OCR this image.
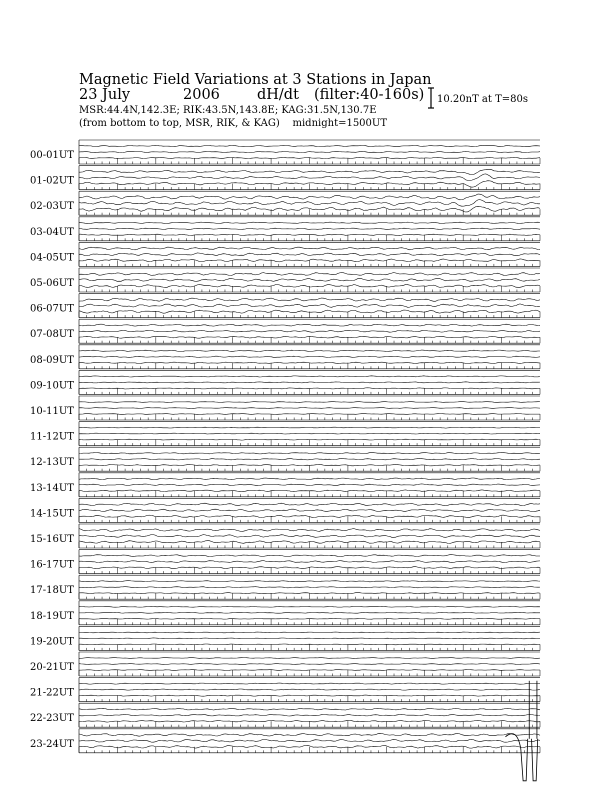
00-01UT
01-02UT
02-03UT
03-04UT
04-05UT
05-06UT
06-07UT
07-08UT
08-09UT
09-10UT
10-11UT
11-12UT
12-13UT
13-14UT
14-15UT
15-16UT
16-17UT
17-18UT
18-19UT
19-20UT
20-21UT
21-22UT
22-23UT
23-24UT
Magnetic Field Variations at 3 Stations in Japan
23 July	2006	dH/dt (filter:40-160s)
MSR:44.4N,142.3E; RIK:43.5N,143.8E; KAG:31.5N,130.7E
(from bottom to top, MSR, RIK, & KAG) midnight=1500UT
10.20nT at T=80s
